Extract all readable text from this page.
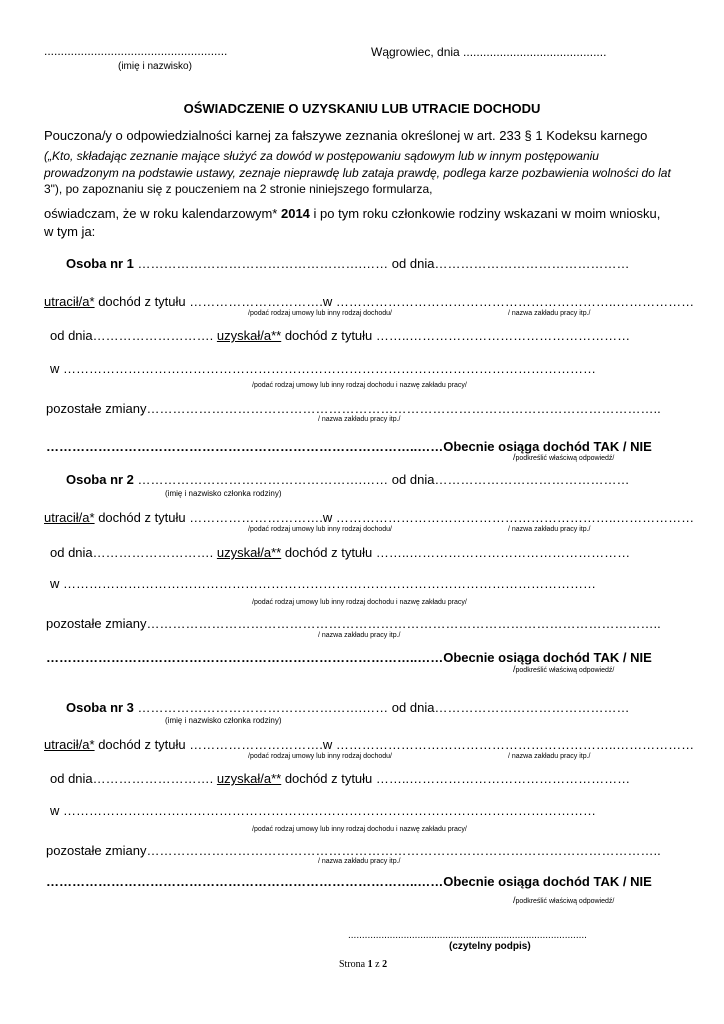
.......................................................
(imię i nazwisko)
Wągrowiec, dnia ...........................................
OŚWIADCZENIE O UZYSKANIU LUB UTRACIE DOCHODU
Pouczona/y o odpowiedzialności karnej za fałszywe zeznania określonej w art. 233 § 1 Kodeksu karnego
(„Kto, składając zeznanie mające służyć za dowód w postępowaniu sądowym lub w innym postępowaniu
prowadzonym na podstawie ustawy, zeznaje nieprawdę lub zataja prawdę, podlega karze pozbawienia wolności do lat
3"), po zapoznaniu się z pouczeniem na 2 stronie niniejszego formularza,
oświadczam, że w roku kalendarzowym* 2014 i po tym roku członkowie rodziny wskazani w moim wniosku,
w tym ja:
Osoba nr 1 …………………………………………….…… od dnia………………………………………
utracił/a* dochód z tytułu ………………………….w ………………………………………………………..………………
/podać rodzaj umowy lub inny rodzaj dochodu/	/ nazwa zakładu pracy itp./
od dnia………………………. uzyskał/a** dochód z tytułu ……..……………………………………………
w ……………………………………………………………………………………………………………
/podać rodzaj umowy lub inny rodzaj dochodu i nazwę zakładu pracy/
pozostałe zmiany………………………………………………………………………………………………………..
/ nazwa zakładu pracy itp./
…………………………………………………………………………..……Obecnie osiąga dochód TAK / NIE
/podkreślić właściwą odpowiedź/
Osoba nr 2 …………………………………………….…… od dnia………………………………………
(imię i nazwisko członka rodziny)
utracił/a* dochód z tytułu ………………………….w ………………………………………………………..………………
/podać rodzaj umowy lub inny rodzaj dochodu/	/ nazwa zakładu pracy itp./
od dnia………………………. uzyskał/a** dochód z tytułu ……..……………………………………………
w ……………………………………………………………………………………………………………
/podać rodzaj umowy lub inny rodzaj dochodu i nazwę zakładu pracy/
pozostałe zmiany………………………………………………………………………………………………………..
/ nazwa zakładu pracy itp./
…………………………………………………………………………..……Obecnie osiąga dochód TAK / NIE
/podkreślić właściwą odpowiedź/
Osoba nr 3 …………………………………………….…… od dnia………………………………………
(imię i nazwisko członka rodziny)
utracił/a* dochód z tytułu ………………………….w ………………………………………………………..………………
/podać rodzaj umowy lub inny rodzaj dochodu/	/ nazwa zakładu pracy itp./
od dnia………………………. uzyskał/a** dochód z tytułu ……..……………………………………………
w ……………………………………………………………………………………………………………
/podać rodzaj umowy lub inny rodzaj dochodu i nazwę zakładu pracy/
pozostałe zmiany………………………………………………………………………………………………………..
/ nazwa zakładu pracy itp./
…………………………………………………………………………..……Obecnie osiąga dochód TAK / NIE
/podkreślić właściwą odpowiedź/
......................................................................................
(czytelny podpis)
Strona 1 z 2
